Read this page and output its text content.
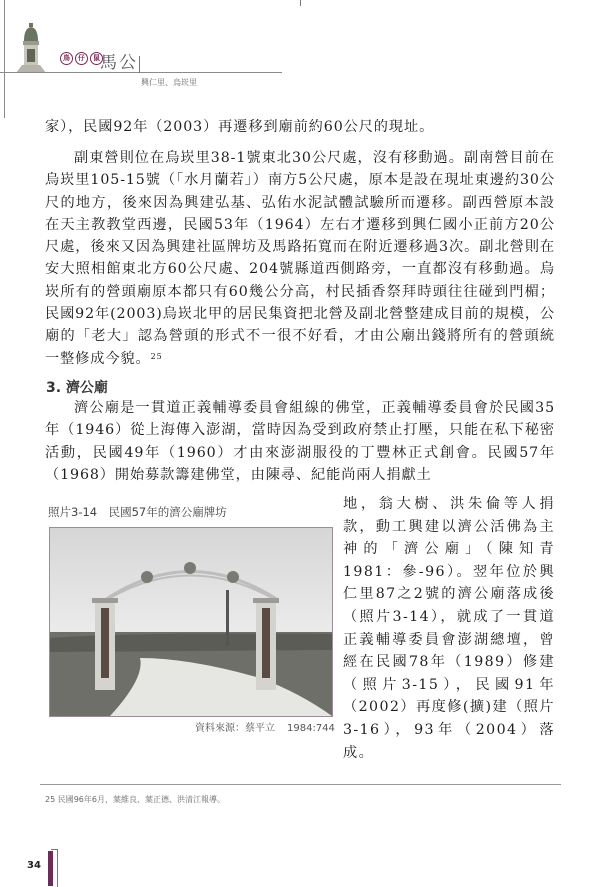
鳥	仔	鼠 馬公
興仁里、烏崁里
家），民國92年（2003）再遷移到廟前約60公尺的現址。
副東營則位在烏崁里38-1號東北30公尺處，沒有移動過。副南營目前在烏崁里105-15號（「水月蘭若」）南方5公尺處，原本是設在現址東邊約30公尺的地方，後來因為興建弘基、弘佑水泥試體試驗所而遷移。副西營原本設在天主教教堂西邊，民國53年（1964）左右才遷移到興仁國小正前方20公尺處，後來又因為興建社區牌坊及馬路拓寬而在附近遷移過3次。副北營則在安大照相館東北方60公尺處、204號縣道西側路旁，一直都沒有移動過。烏崁所有的營頭廟原本都只有60幾公分高，村民插香祭拜時頭往往碰到門楣；民國92年(2003)烏崁北甲的居民集資把北營及副北營整建成目前的規模，公廟的「老大」認為營頭的形式不一很不好看，才由公廟出錢將所有的營頭統一整修成今貌。$^{25}$
3. 濟公廟
濟公廟是一貫道正義輔導委員會組線的佛堂，正義輔導委員會於民國35年（1946）從上海傳入澎湖，當時因為受到政府禁止打壓，只能在私下秘密活動，民國49年（1960）才由來澎湖服役的丁豐林正式創會。民國57年（1968）開始募款籌建佛堂，由陳尋、紀能尚兩人捐獻土
照片3-14　民國57年的濟公廟牌坊
資料來源：蔡平立 1984:744
地，翁大樹、洪朱倫等人捐款，動工興建以濟公活佛為主神的「濟公廟」（陳知青1981：參-96）。翌年位於興仁里87之2號的濟公廟落成後（照片3-14），就成了一貫道正義輔導委員會澎湖總壇，曾經在民國78年（1989）修建（照片3-15），民國91年（2002）再度修(擴)建（照片3-16），93年（2004）落成。
25 民國96年6月，葉維良、葉正德、洪清江報導。
34
